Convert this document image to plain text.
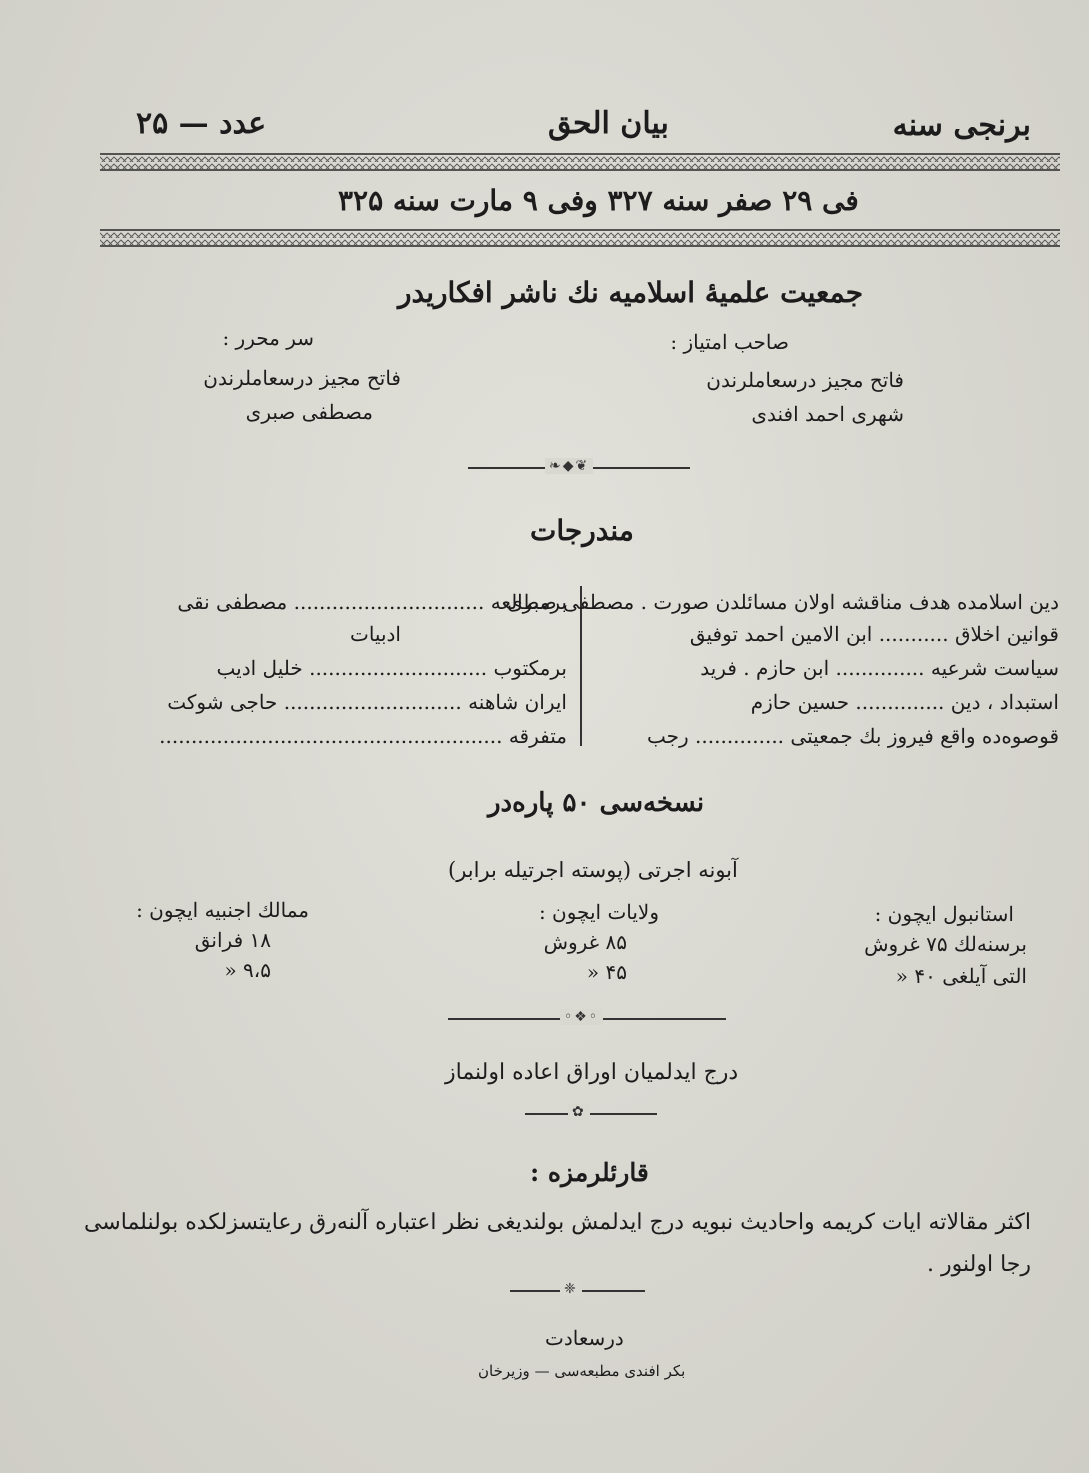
برنجی سنه
بیان الحق
عدد — ۲۵
فی ۲۹ صفر سنه ۳۲۷ وفی ۹ مارت سنه ۳۲۵
جمعیت علمیهٔ اسلامیه نك ناشر افكاریدر
صاحب امتیاز :
فاتح مجیز درسعاملرندن
شهری احمد افندی
سر محرر :
فاتح مجیز درسعاملرندن
مصطفی صبری
❧◆❦
مندرجات
دین اسلامده هدف مناقشه اولان مسائلدن صورت . مصطفی صبری
قوانین اخلاق ........... ابن الامین احمد توفیق
سیاست شرعیه .............. ابن حازم . فرید
استبداد ، دین .............. حسین حازم
قوصوه‌ده واقع فیروز بك جمعیتی .............. رجب
برمطالعه .............................. مصطفی نقی
ادبیات
برمكتوب ............................ خلیل ادیب
ایران شاهنه ............................ حاجی شوكت
متفرقه ......................................................
نسخه‌سی ۵۰ پاره‌در
آبونه اجرتی (پوسته اجرتیله برابر)
استانبول ایچون :
برسنه‌لك ۷۵ غروش
التی آیلغی ۴۰ «
ولایات ایچون :
۸۵ غروش
۴۵ «
ممالك اجنبیه ایچون :
۱۸ فرانق
۹،۵ «
◦❖◦
درج ایدلمیان اوراق اعاده اولنماز
✿
قارئلرمزه :
اكثر مقالاته ایات كریمه واحادیث نبویه درج ایدلمش بولندیغی نظر اعتباره آلنه‌رق رعایتسزلكده بولنلماسی
رجا اولنور .
❈
درسعادت
بكر افندی مطبعه‌سی — وزیرخان
